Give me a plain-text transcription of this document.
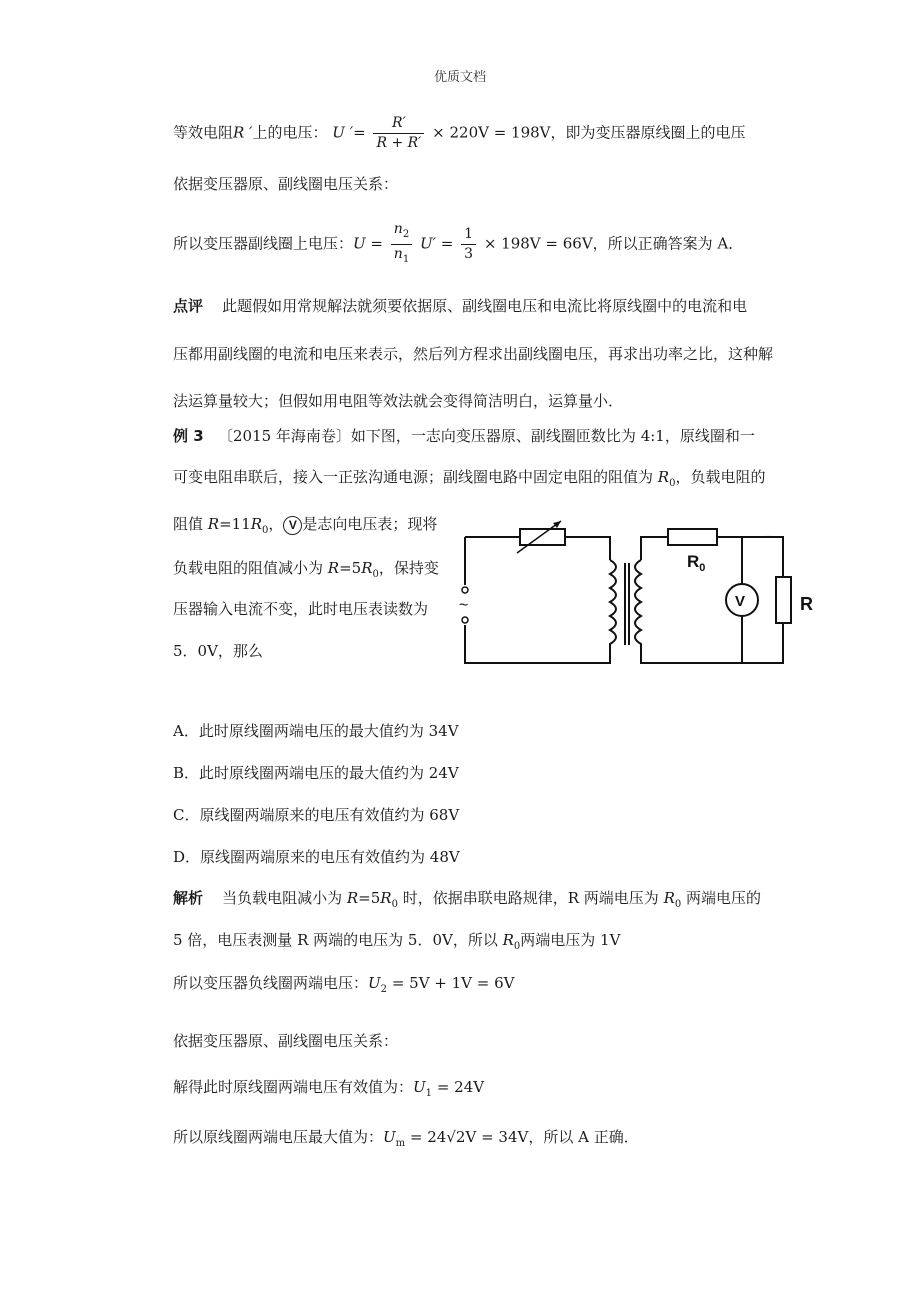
优质文档
等效电阻R ′上的电压： U ′= $\frac{R'}{R + R'} \times 220V = 198V$，即为变压器原线圈上的电压
依据变压器原、副线圈电压关系：
所以变压器副线圈上电压：$U = \frac{n_2}{n_1} U' = \frac{1}{3} \times 198V = 66V$，所以正确答案为 A．
点评 此题假如用常规解法就须要依据原、副线圈电压和电流比将原线圈中的电流和电
压都用副线圈的电流和电压来表示，然后列方程求出副线圈电压，再求出功率之比，这种解
法运算量较大；但假如用电阻等效法就会变得简洁明白，运算量小．
例 3 〔2015 年海南卷〕如下图，一志向变压器原、副线圈匝数比为 4:1，原线圈和一
可变电阻串联后，接入一正弦沟通电源；副线圈电路中固定电阻的阻值为 $R_0$，负载电阻的
阻值 $R=11R_0$， V 是志向电压表；现将
负载电阻的阻值减小为 $R=5R_0$，保持变
压器输入电流不变，此时电压表读数为
5．0V，那么
~
$R_0$
...
V	R
A．此时原线圈两端电压的最大值约为 34V
B．此时原线圈两端电压的最大值约为 24V
C．原线圈两端原来的电压有效值约为 68V
D．原线圈两端原来的电压有效值约为 48V
解析 当负载电阻减小为 $R=5R_0$ 时，依据串联电路规律，R 两端电压为 $R_0$ 两端电压的
5 倍，电压表测量 R 两端的电压为 5．0V，所以 $R_0$两端电压为 1V
所以变压器负线圈两端电压：$U_2 = 5V + 1V = 6V$
依据变压器原、副线圈电压关系：
解得此时原线圈两端电压有效值为：$U_1 = 24V$
所以原线圈两端电压最大值为：$U_m = 24√2V = 34V$，所以 A 正确．
